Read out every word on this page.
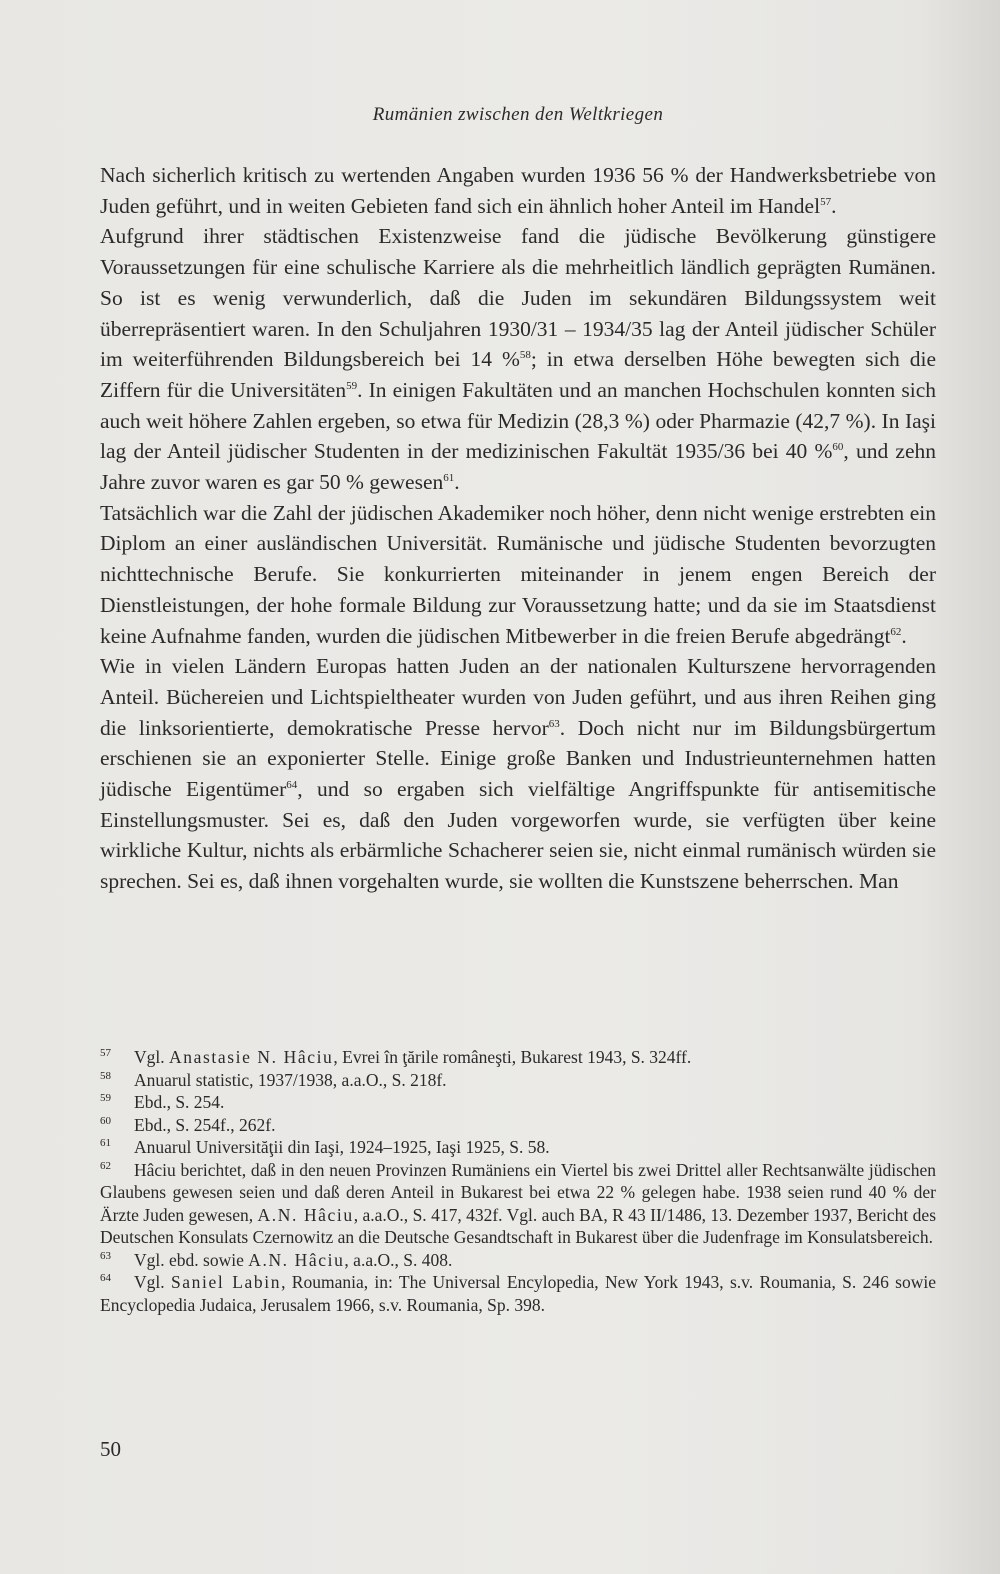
Rumänien zwischen den Weltkriegen

Nach sicherlich kritisch zu wertenden Angaben wurden 1936 56 % der Handwerksbetriebe von Juden geführt, und in weiten Gebieten fand sich ein ähnlich hoher Anteil im Handel$^{57}$.

Aufgrund ihrer städtischen Existenzweise fand die jüdische Bevölkerung günstigere Voraussetzungen für eine schulische Karriere als die mehrheitlich ländlich geprägten Rumänen. So ist es wenig verwunderlich, daß die Juden im sekundären Bildungssystem weit überrepräsentiert waren. In den Schuljahren 1930/31 – 1934/35 lag der Anteil jüdischer Schüler im weiterführenden Bildungsbereich bei 14 %$^{58}$; in etwa derselben Höhe bewegten sich die Ziffern für die Universitäten$^{59}$. In einigen Fakultäten und an manchen Hochschulen konnten sich auch weit höhere Zahlen ergeben, so etwa für Medizin (28,3 %) oder Pharmazie (42,7 %). In Iaşi lag der Anteil jüdischer Studenten in der medizinischen Fakultät 1935/36 bei 40 %$^{60}$, und zehn Jahre zuvor waren es gar 50 % gewesen$^{61}$.

Tatsächlich war die Zahl der jüdischen Akademiker noch höher, denn nicht wenige erstrebten ein Diplom an einer ausländischen Universität. Rumänische und jüdische Studenten bevorzugten nichttechnische Berufe. Sie konkurrierten miteinander in jenem engen Bereich der Dienstleistungen, der hohe formale Bildung zur Voraussetzung hatte; und da sie im Staatsdienst keine Aufnahme fanden, wurden die jüdischen Mitbewerber in die freien Berufe abgedrängt$^{62}$.

Wie in vielen Ländern Europas hatten Juden an der nationalen Kulturszene hervorragenden Anteil. Büchereien und Lichtspieltheater wurden von Juden geführt, und aus ihren Reihen ging die linksorientierte, demokratische Presse hervor$^{63}$. Doch nicht nur im Bildungsbürgertum erschienen sie an exponierter Stelle. Einige große Banken und Industrieunternehmen hatten jüdische Eigentümer$^{64}$, und so ergaben sich vielfältige Angriffspunkte für antisemitische Einstellungsmuster. Sei es, daß den Juden vorgeworfen wurde, sie verfügten über keine wirkliche Kultur, nichts als erbärmliche Schacherer seien sie, nicht einmal rumänisch würden sie sprechen. Sei es, daß ihnen vorgehalten wurde, sie wollten die Kunstszene beherrschen. Man

57 Vgl. Anastasie N. Hâciu, Evrei în ţările româneşti, Bukarest 1943, S. 324ff.

58 Anuarul statistic, 1937/1938, a.a.O., S. 218f.

59 Ebd., S. 254.

60 Ebd., S. 254f., 262f.

61 Anuarul Universităţii din Iaşi, 1924–1925, Iaşi 1925, S. 58.

62 Hâciu berichtet, daß in den neuen Provinzen Rumäniens ein Viertel bis zwei Drittel aller Rechtsanwälte jüdischen Glaubens gewesen seien und daß deren Anteil in Bukarest bei etwa 22 % gelegen habe. 1938 seien rund 40 % der Ärzte Juden gewesen, A.N. Hâciu, a.a.O., S. 417, 432f. Vgl. auch BA, R 43 II/1486, 13. Dezember 1937, Bericht des Deutschen Konsulats Czernowitz an die Deutsche Gesandtschaft in Bukarest über die Judenfrage im Konsulatsbereich.

63 Vgl. ebd. sowie A.N. Hâciu, a.a.O., S. 408.

64 Vgl. Saniel Labin, Roumania, in: The Universal Encylopedia, New York 1943, s.v. Roumania, S. 246 sowie Encyclopedia Judaica, Jerusalem 1966, s.v. Roumania, Sp. 398.

50
